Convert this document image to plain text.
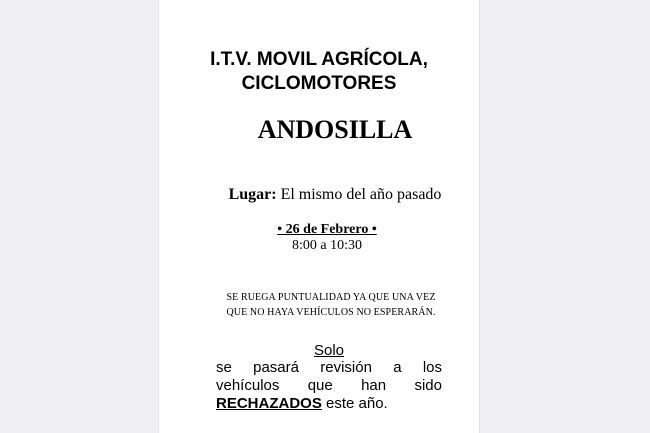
I.T.V. MOVIL AGRÍCOLA,
CICLOMOTORES
ANDOSILLA
Lugar: El mismo del año pasado
• 26 de Febrero •
8:00 a 10:30
SE RUEGA PUNTUALIDAD YA QUE UNA VEZ
QUE NO HAYA VEHÍCULOS NO ESPERARÁN.
Solo
se pasará revisión a los
vehículos que han sido
RECHAZADOS este año.
